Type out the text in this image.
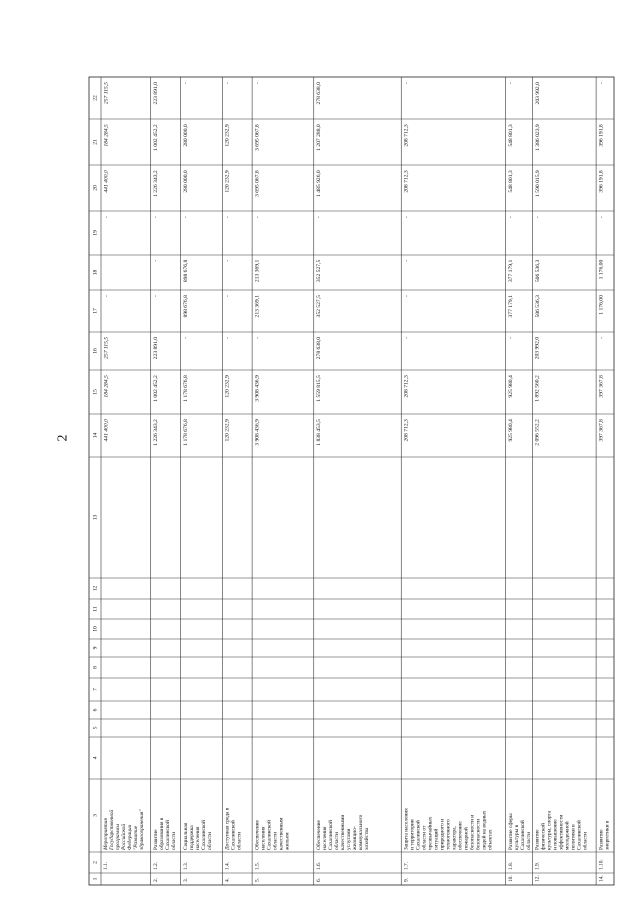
2
1
2
3
4
5
6
7
8
9
10
11
12
13
14
15
16
17
18
19
20
21
22
1.1.
Мероприятия Государственной программы Российской Федерации "Развитие здравоохранения"
441 400,0
184 284,5
257 115,5
-
-
441 400,0
184 284,5
257 115,5
2.
1.2.
Развитие образования в Сахалинской области
1 226 343,2
1 002 452,2
223 891,0
-
-
-
1 226 343,2
1 002 452,2
223 891,0
3.
1.3.
Социальная поддержка населения Сахалинской области
1 178 676,8
1 178 676,8
-
898 676,8
898 676,8
-
280 000,0
280 000,0
-
4.
1.4.
Доступная среда в Сахалинской области
120 232,9
120 232,9
-
-
-
-
120 232,9
120 232,9
-
5.
1.5.
Обеспечение населения Сахалинской области качественным жильем
3 908 436,9
3 908 436,9
-
213 369,1
213 369,1
-
3 695 067,8
3 695 067,8
-
6.
1.6.
Обеспечение населения Сахалинской области качественными услугами жилищно- коммунального хозяйства
1 838 453,5
1 559 815,5
278 638,0
352 527,5
352 527,5
-
1 485 926,0
1 207 288,0
278 638,0
9.
1.7.
Защита населения и территории Сахалинской области от чрезвычайных ситуаций природного и техногенного характера, обеспечение пожарной безопасности и безопасности людей на водных объектах
208 712,3
208 712,3
-
-
-
-
208 712,3
208 712,3
-
10.
1.8.
Развитие сферы культуры в Сахалинской области
925 980,4
925 980,4
-
377 179,1
377 179,1
-
548 801,3
548 801,3
-
12.
1.9.
Развитие физической культуры, спорта и повышение эффективности молодежной политики в Сахалинской области
2 096 552,2
1 892 560,2
203 992,0
506 536,3
506 536,3
-
1 590 015,9
1 386 023,9
203 992,0
14.
1.10.
Развитие энергетики в
397 367,8
397 367,8
-
1 176,00
1 176,00
-
396 191,8
396 191,8
-
